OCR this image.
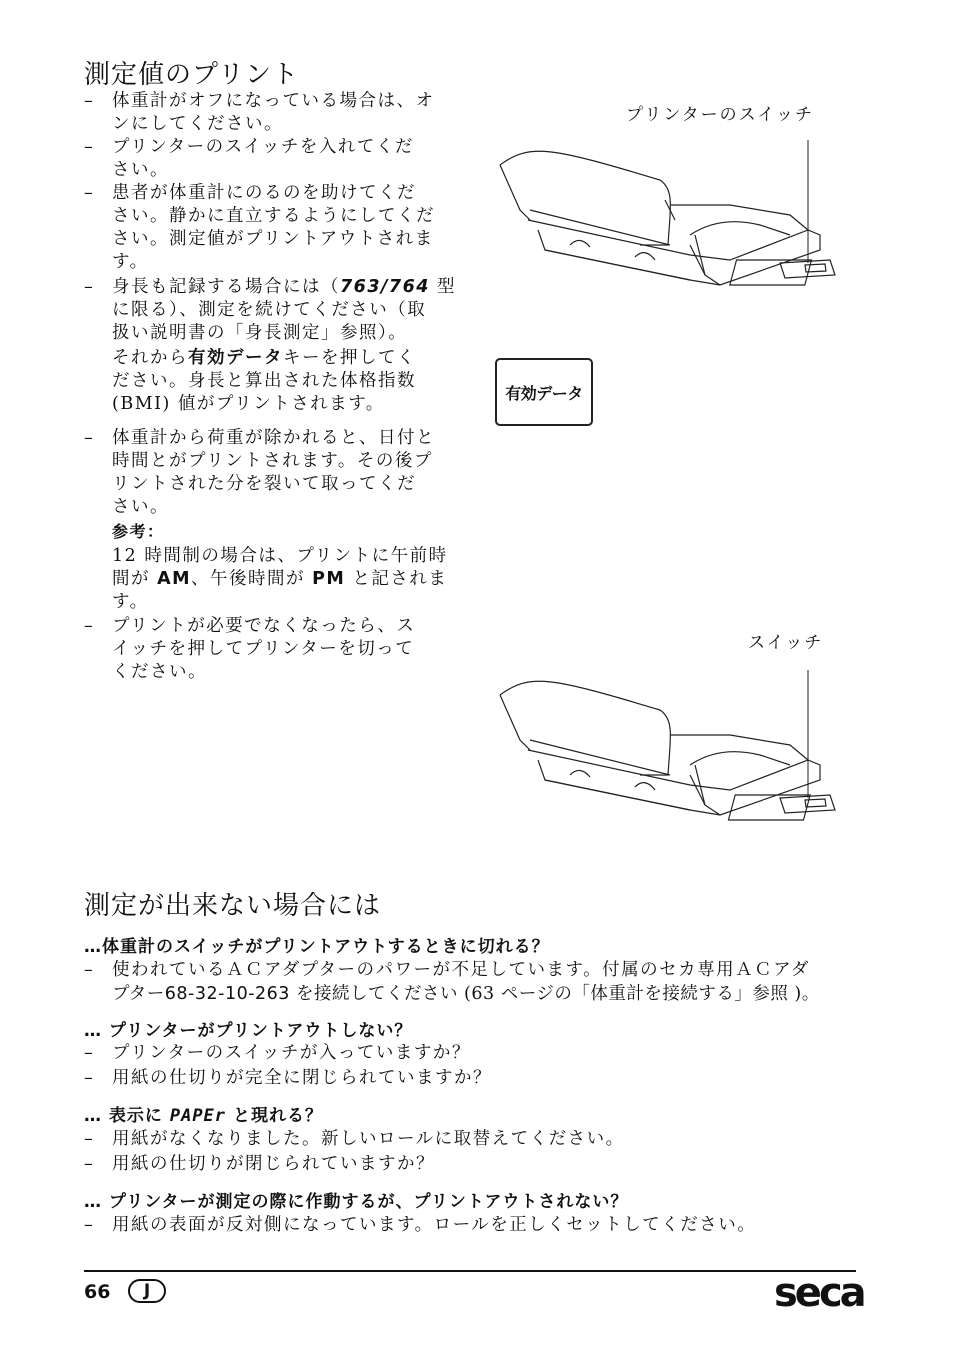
測定値のプリント
– 体重計がオフになっている場合は、オ
ンにしてください。
– プリンターのスイッチを入れてくだ
さい。
– 患者が体重計にのるのを助けてくだ
さい。静かに直立するようにしてくだ
さい。測定値がプリントアウトされま
す。
– 身長も記録する場合には（763/764 型
に限る）、測定を続けてください（取
扱い説明書の「身長測定」参照）。
それから有効データキーを押してく
ださい。身長と算出された体格指数
(BMI) 値がプリントされます。
– 体重計から荷重が除かれると、日付と
時間とがプリントされます。その後プ
リントされた分を裂いて取ってくだ
さい。
参考：
12 時間制の場合は、プリントに午前時
間が AM、午後時間が PM と記されま
す。
– プリントが必要でなくなったら、ス
イッチを押してプリンターを切って
ください。
プリンターのスイッチ
スイッチ
有効データ
測定が出来ない場合には
…体重計のスイッチがプリントアウトするときに切れる？
– 使われているＡＣアダプターのパワーが不足しています。付属のセカ専用ＡＣアダ
プター68-32-10-263 を接続してください (63 ページの「体重計を接続する」参照 )。
… プリンターがプリントアウトしない？
– プリンターのスイッチが入っていますか？
– 用紙の仕切りが完全に閉じられていますか？
… 表示に PAPEr と現れる？
– 用紙がなくなりました。新しいロールに取替えてください。
– 用紙の仕切りが閉じられていますか？
… プリンターが測定の際に作動するが、プリントアウトされない？
– 用紙の表面が反対側になっています。ロールを正しくセットしてください。
66	J	seca
